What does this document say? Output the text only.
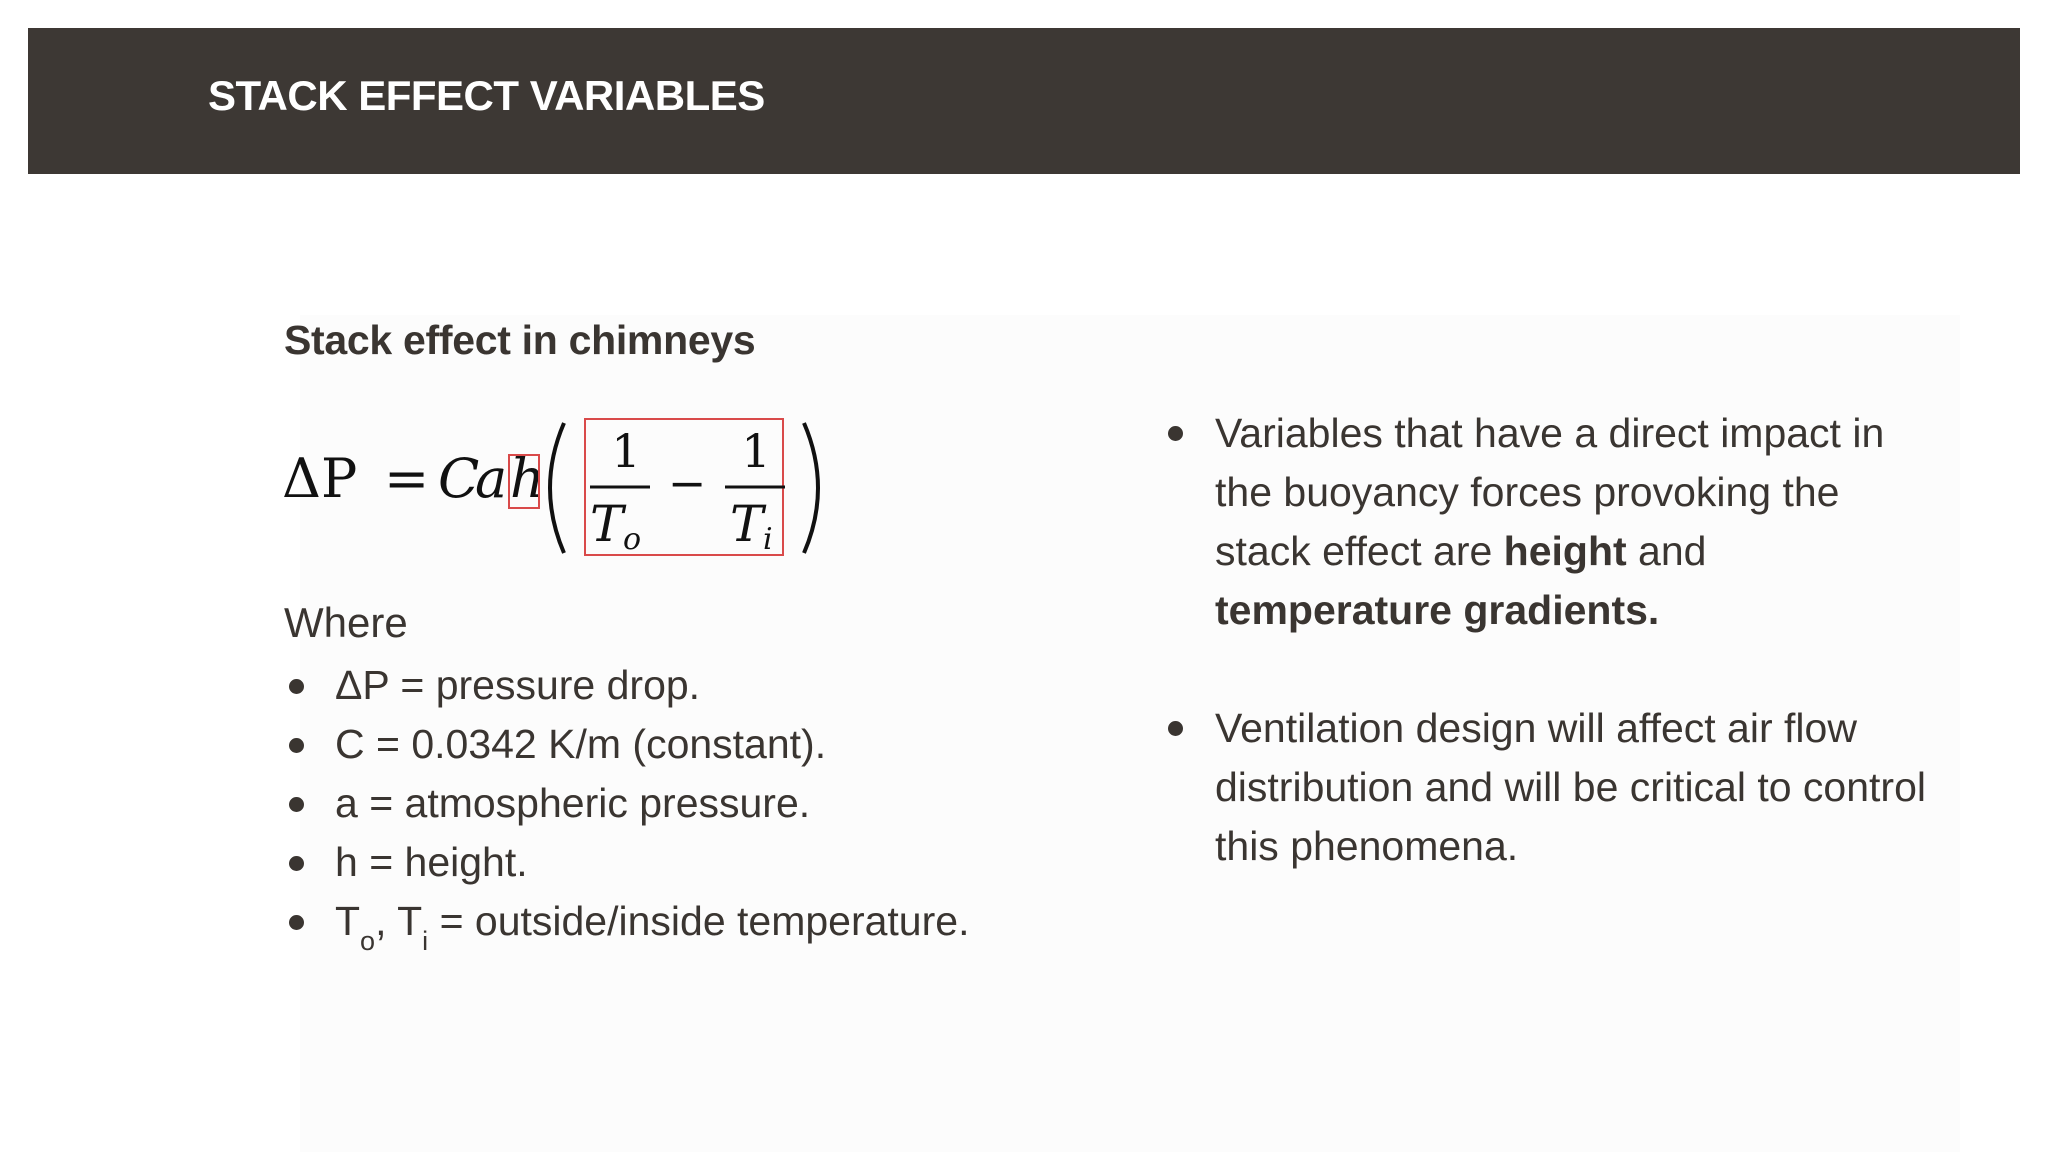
STACK EFFECT VARIABLES
Stack effect in chimneys
ΔP = C
a h 1
T o
−
1
T i

Where

ΔP = pressure drop.
C = 0.0342 K/m (constant).
a = atmospheric pressure.
h = height.
$T_o$, $T_i$ = outside/inside temperature.
Variables that have a direct impact in the buoyancy forces provoking the stack effect are height and temperature gradients.
Ventilation design will affect air flow distribution and will be critical to control this phenomena.
